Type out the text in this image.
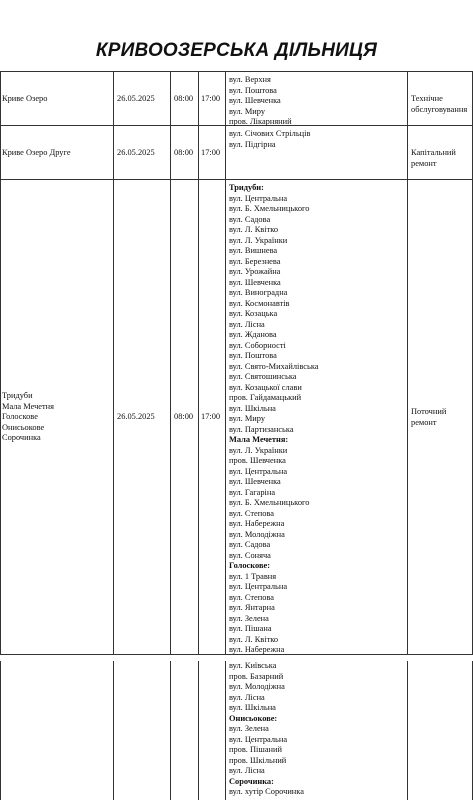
КРИВООЗЕРСЬКА ДІЛЬНИЦЯ
Криве Озеро	26.05.2025 08:00 17:00
вул. Верхня
вул. Поштова
вул. Шевченка
вул. Миру
пров. Лікарняний
Технічне
обслуговування
Криве Озеро Друге	26.05.2025 08:00 17:00
вул. Січових Стрільців
вул. Підгірна
Капітальний
ремонт
Тридуби
Мала Мечетня
Голоскове
Онисьокове
Сорочинка
26.05.2025 08:00 17:00
Тридуби:
вул. Центральна
вул. Б. Хмельницького
вул. Садова
вул. Л. Квітко
вул. Л. Українки
вул. Вишнева
вул. Березнева
вул. Урожайна
вул. Шевченка
вул. Виноградна
вул. Космонавтів
вул. Козацька
вул. Лісна
вул. Жданова
вул. Соборності
вул. Поштова
вул. Свято-Михайлівська
вул. Святошинська
вул. Козацької слави
пров. Гайдамацький
вул. Шкільна
вул. Миру
вул. Партизанська
Мала Мечетня:
вул. Л. Українки
пров. Шевченка
вул. Центральна
вул. Шевченка
вул. Гагаріна
вул. Б. Хмельницького
вул. Степова
вул. Набережна
вул. Молодіжна
вул. Садова
вул. Соняча
Голоскове:
вул. 1 Травня
вул. Центральна
вул. Степова
вул. Янтарна
вул. Зелена
вул. Пішана
вул. Л. Квітко
вул. Набережна
Поточний
ремонт
вул. Київська
пров. Базарний
вул. Молодіжна
вул. Лісна
вул. Шкільна
Онисьокове:
вул. Зелена
вул. Центральна
пров. Пішаний
пров. Шкільний
вул. Лісна
Сорочинка:
вул. хутір Сорочинка
